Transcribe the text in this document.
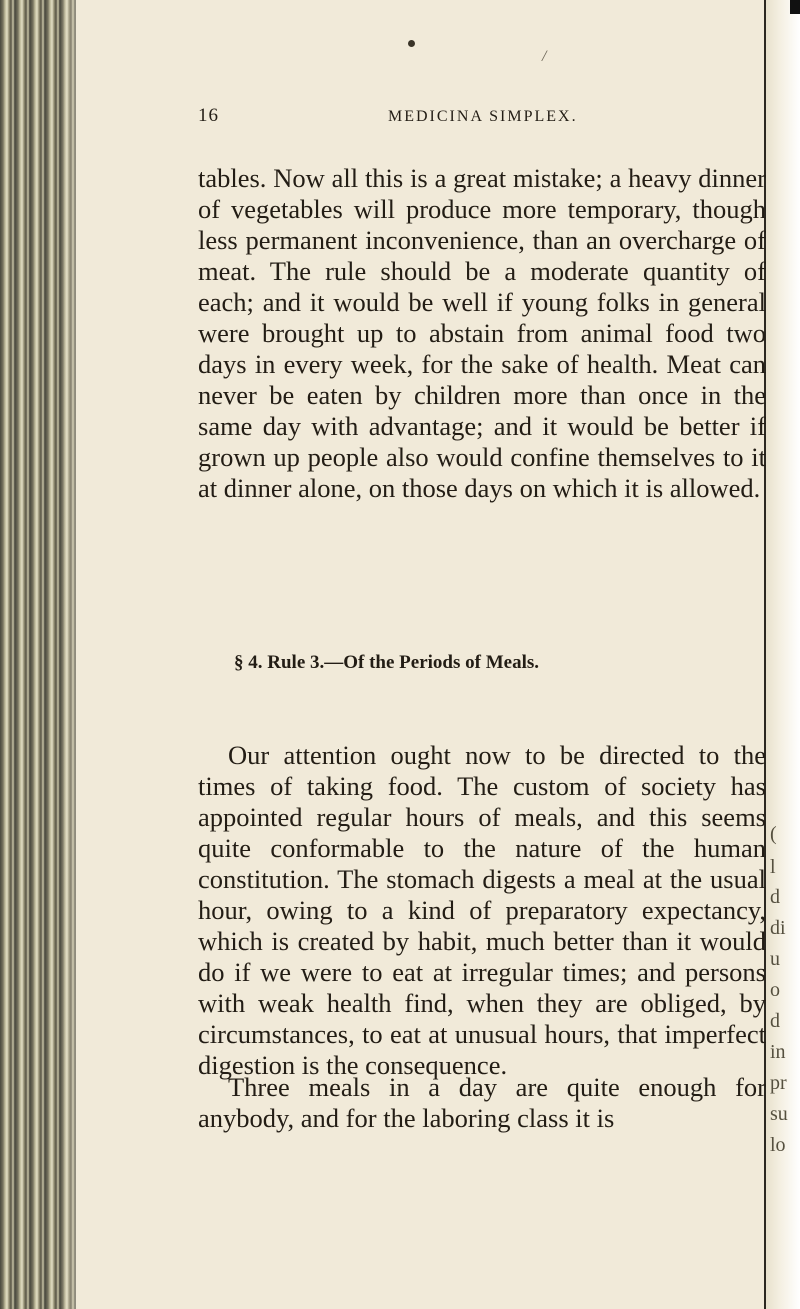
(
l
d
di
u
o
d
in
pr
su
lo
/
16	MEDICINA SIMPLEX.

tables. Now all this is a great mistake; a heavy dinner of vegetables will produce more temporary, though less permanent inconvenience, than an overcharge of meat. The rule should be a moderate quantity of each; and it would be well if young folks in general were brought up to abstain from animal food two days in every week, for the sake of health. Meat can never be eaten by children more than once in the same day with advantage; and it would be better if grown up people also would confine themselves to it at dinner alone, on those days on which it is allowed.

§ 4. Rule 3.—Of the Periods of Meals.

Our attention ought now to be directed to the times of taking food. The custom of society has appointed regular hours of meals, and this seems quite conformable to the nature of the human constitution. The stomach digests a meal at the usual hour, owing to a kind of preparatory expectancy, which is created by habit, much better than it would do if we were to eat at irregular times; and persons with weak health find, when they are obliged, by circumstances, to eat at unusual hours, that imperfect digestion is the consequence.

Three meals in a day are quite enough for anybody, and for the laboring class it is
